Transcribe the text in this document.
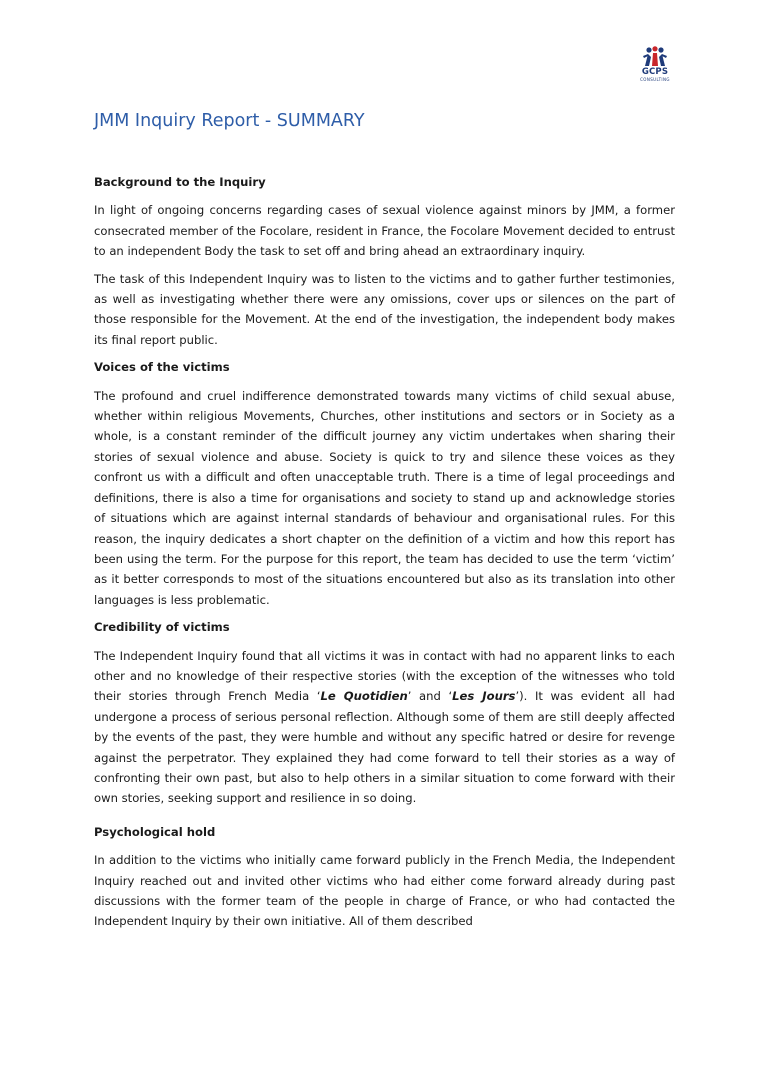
GCPS
CONSULTING
JMM Inquiry Report - SUMMARY
Background to the Inquiry

In light of ongoing concerns regarding cases of sexual violence against minors by JMM, a former consecrated member of the Focolare, resident in France, the Focolare Movement decided to entrust to an independent Body the task to set off and bring ahead an extraordinary inquiry.

The task of this Independent Inquiry was to listen to the victims and to gather further testimonies, as well as investigating whether there were any omissions, cover ups or silences on the part of those responsible for the Movement. At the end of the investigation, the independent body makes its final report public.

Voices of the victims

The profound and cruel indifference demonstrated towards many victims of child sexual abuse, whether within religious Movements, Churches, other institutions and sectors or in Society as a whole, is a constant reminder of the difficult journey any victim undertakes when sharing their stories of sexual violence and abuse. Society is quick to try and silence these voices as they confront us with a difficult and often unacceptable truth. There is a time of legal proceedings and definitions, there is also a time for organisations and society to stand up and acknowledge stories of situations which are against internal standards of behaviour and organisational rules. For this reason, the inquiry dedicates a short chapter on the definition of a victim and how this report has been using the term. For the purpose for this report, the team has decided to use the term ‘victim’ as it better corresponds to most of the situations encountered but also as its translation into other languages is less problematic.

Credibility of victims

The Independent Inquiry found that all victims it was in contact with had no apparent links to each other and no knowledge of their respective stories (with the exception of the witnesses who told their stories through French Media ‘Le Quotidien’ and ‘Les Jours’). It was evident all had undergone a process of serious personal reflection. Although some of them are still deeply affected by the events of the past, they were humble and without any specific hatred or desire for revenge against the perpetrator. They explained they had come forward to tell their stories as a way of confronting their own past, but also to help others in a similar situation to come forward with their own stories, seeking support and resilience in so doing.

Psychological hold

In addition to the victims who initially came forward publicly in the French Media, the Independent Inquiry reached out and invited other victims who had either come forward already during past discussions with the former team of the people in charge of France, or who had contacted the Independent Inquiry by their own initiative. All of them described
